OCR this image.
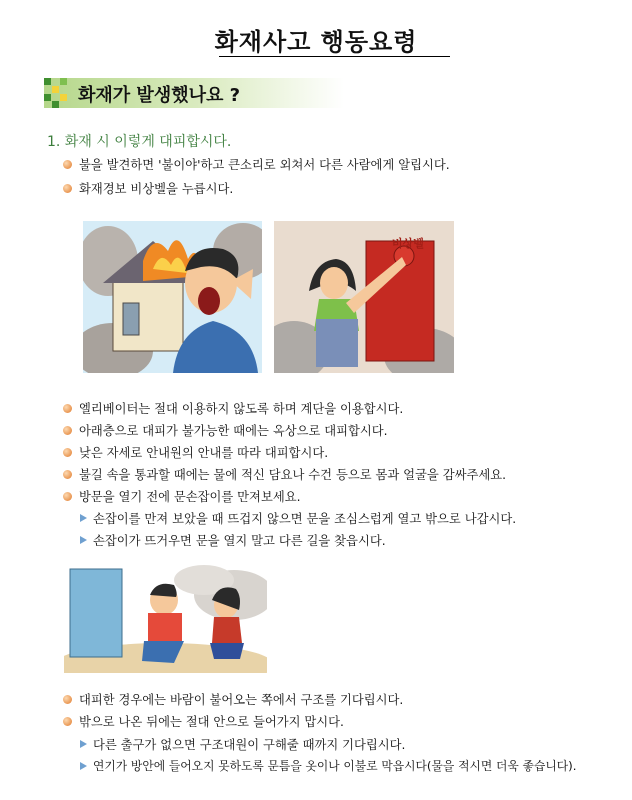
화재사고 행동요령
화재가 발생했나요 ?
1. 화재 시 이렇게 대피합시다.
불을 발견하면 '불이야'하고 큰소리로 외쳐서 다른 사람에게 알립시다.
화재경보 비상벨을 누릅시다.
비상벨
엘리베이터는 절대 이용하지 않도록 하며 계단을 이용합시다.
아래층으로 대피가 불가능한 때에는 옥상으로 대피합시다.
낮은 자세로 안내원의 안내를 따라 대피합시다.
불길 속을 통과할 때에는 물에 적신 담요나 수건 등으로 몸과 얼굴을 감싸주세요.
방문을 열기 전에 문손잡이를 만져보세요.
손잡이를 만져 보았을 때 뜨겁지 않으면 문을 조심스럽게 열고 밖으로 나갑시다.
손잡이가 뜨거우면 문을 열지 말고 다른 길을 찾읍시다.
대피한 경우에는 바람이 불어오는 쪽에서 구조를 기다립시다.
밖으로 나온 뒤에는 절대 안으로 들어가지 맙시다.
다른 출구가 없으면 구조대원이 구해줄 때까지 기다립시다.
연기가 방안에 들어오지 못하도록 문틈을 옷이나 이불로 막읍시다(물을 적시면 더욱 좋습니다).
